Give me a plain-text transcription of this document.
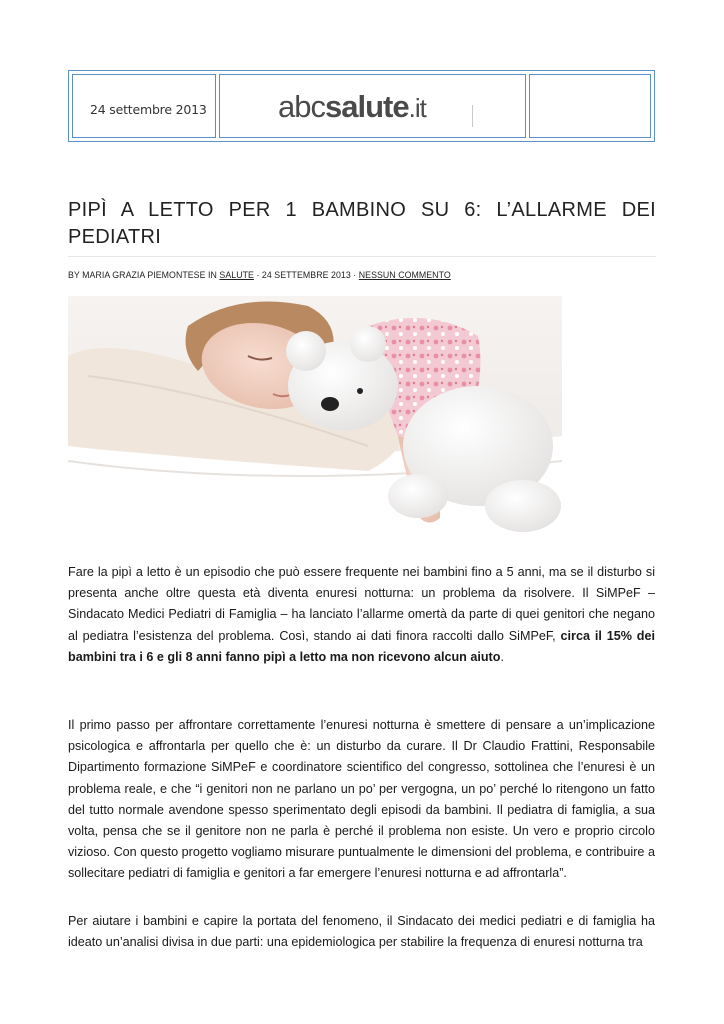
24 settembre 2013 abcsalute.it
PIPÌ A LETTO PER 1 BAMBINO SU 6: L’ALLARME DEI PEDIATRI
BY MARIA GRAZIA PIEMONTESE IN SALUTE · 24 SETTEMBRE 2013 · NESSUN COMMENTO

Fare la pipì a letto è un episodio che può essere frequente nei bambini fino a 5 anni, ma se il disturbo si presenta anche oltre questa età diventa enuresi notturna: un problema da risolvere. Il SiMPeF – Sindacato Medici Pediatri di Famiglia – ha lanciato l’allarme omertà da parte di quei genitori che negano al pediatra l’esistenza del problema. Così, stando ai dati finora raccolti dallo SiMPeF, circa il 15% dei bambini tra i 6 e gli 8 anni fanno pipì a letto ma non ricevono alcun aiuto.

Il primo passo per affrontare correttamente l’enuresi notturna è smettere di pensare a un’implicazione psicologica e affrontarla per quello che è: un disturbo da curare. Il Dr Claudio Frattini, Responsabile Dipartimento formazione SiMPeF e coordinatore scientifico del congresso, sottolinea che l’enuresi è un problema reale, e che “i genitori non ne parlano un po’ per vergogna, un po’ perché lo ritengono un fatto del tutto normale avendone spesso sperimentato degli episodi da bambini. Il pediatra di famiglia, a sua volta, pensa che se il genitore non ne parla è perché il problema non esiste. Un vero e proprio circolo vizioso. Con questo progetto vogliamo misurare puntualmente le dimensioni del problema, e contribuire a sollecitare pediatri di famiglia e genitori a far emergere l’enuresi notturna e ad affrontarla”.

Per aiutare i bambini e capire la portata del fenomeno, il Sindacato dei medici pediatri e di famiglia ha ideato un’analisi divisa in due parti: una epidemiologica per stabilire la frequenza di enuresi notturna tra
